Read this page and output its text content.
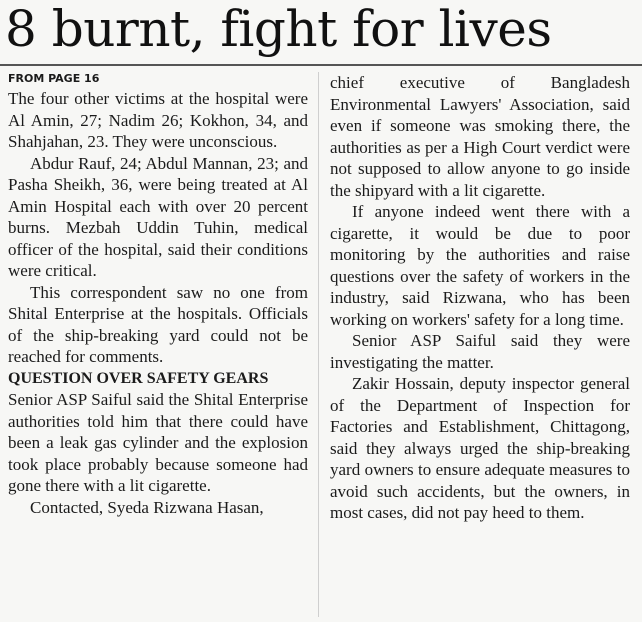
8 burnt, fight for lives
FROM PAGE 16

The four other victims at the hospital were Al Amin, 27; Nadim 26; Kokhon, 34, and Shahjahan, 23. They were unconscious.

Abdur Rauf, 24; Abdul Mannan, 23; and Pasha Sheikh, 36, were being treated at Al Amin Hospital each with over 20 percent burns. Mezbah Uddin Tuhin, medical officer of the hospital, said their conditions were critical.

This correspondent saw no one from Shital Enterprise at the hospitals. Officials of the ship-breaking yard could not be reached for comments.

QUESTION OVER SAFETY GEARS

Senior ASP Saiful said the Shital Enterprise authorities told him that there could have been a leak gas cylinder and the explosion took place probably because someone had gone there with a lit cigarette.

Contacted, Syeda Rizwana Hasan,

chief executive of Bangladesh Environmental Lawyers' Association, said even if someone was smoking there, the authorities as per a High Court verdict were not supposed to allow anyone to go inside the shipyard with a lit cigarette.

If anyone indeed went there with a cigarette, it would be due to poor monitoring by the authorities and raise questions over the safety of workers in the industry, said Rizwana, who has been working on workers' safety for a long time.

Senior ASP Saiful said they were investigating the matter.

Zakir Hossain, deputy inspector general of the Department of Inspection for Factories and Establishment, Chittagong, said they always urged the ship-breaking yard owners to ensure adequate measures to avoid such accidents, but the owners, in most cases, did not pay heed to them.
